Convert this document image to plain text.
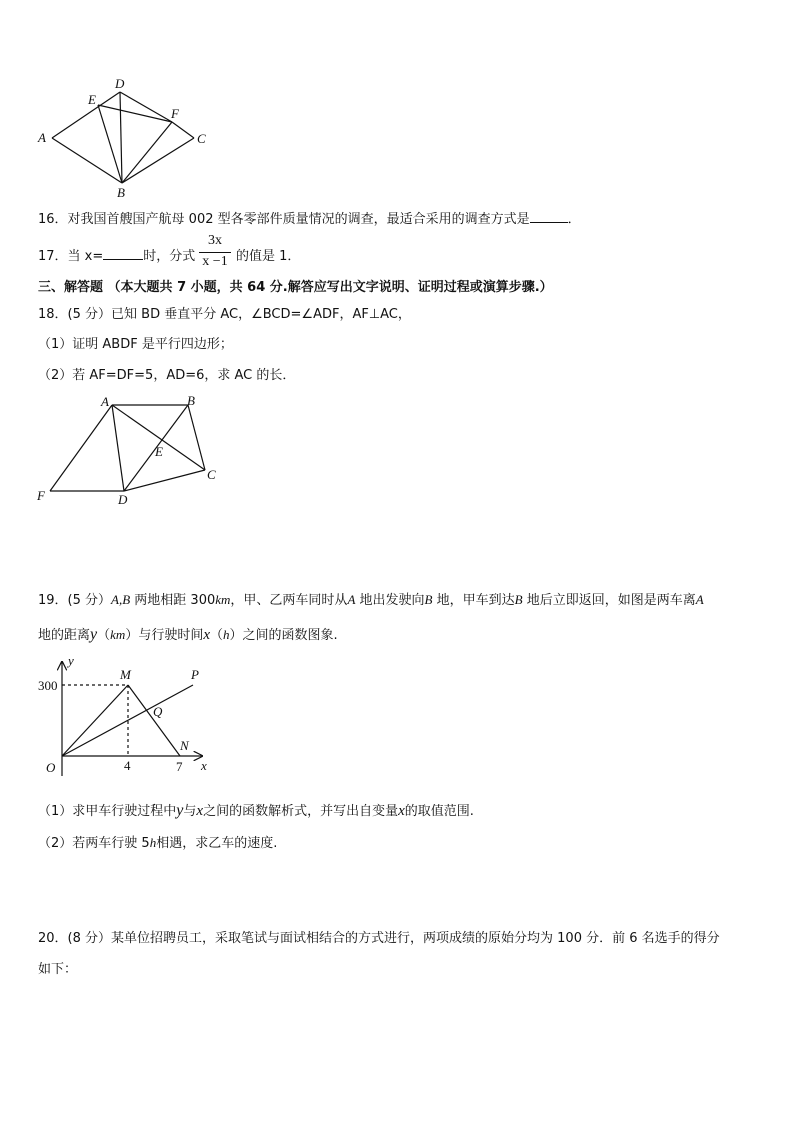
A
D
E
F
C
B
16．对我国首艘国产航母 002 型各零部件质量情况的调查，最适合采用的调查方式是	．
17．当 x=	时，分式
3x
x −1 的值是 1．
三、解答题 （本大题共 7 小题，共 64 分.解答应写出文字说明、证明过程或演算步骤.）
18．(5 分）已知 BD 垂直平分 AC，∠BCD=∠ADF，AF⊥AC，
（1）证明 ABDF 是平行四边形；
（2）若 AF=DF=5，AD=6，求 AC 的长．
A	B
E
C
F	D
19．(5 分）A,B 两地相距 300km，甲、乙两车同时从A 地出发驶向B 地，甲车到达B 地后立即返回，如图是两车离A
地的距离y（km）与行驶时间x（h）之间的函数图象.
y
x
O
300
4	7
M	P
Q
N
（1）求甲车行驶过程中y与x之间的函数解析式，并写出自变量x的取值范围.
（2）若两车行驶 5h相遇，求乙车的速度.
20．(8 分）某单位招聘员工，采取笔试与面试相结合的方式进行，两项成绩的原始分均为 100 分．前 6 名选手的得分
如下：
